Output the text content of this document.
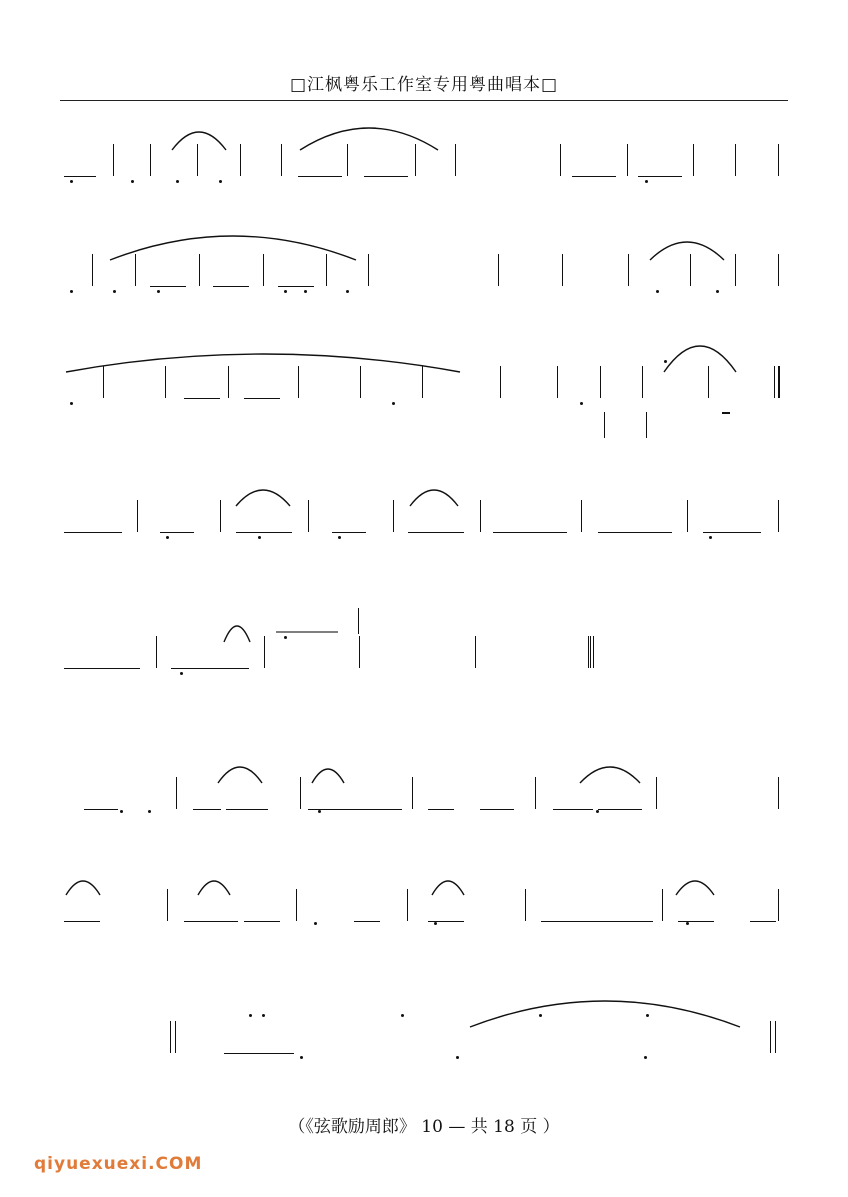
□江枫粤乐工作室专用粤曲唱本□
（《弦歌励周郎》 10 — 共 18 页 ）
qiyuexuexi.COM
